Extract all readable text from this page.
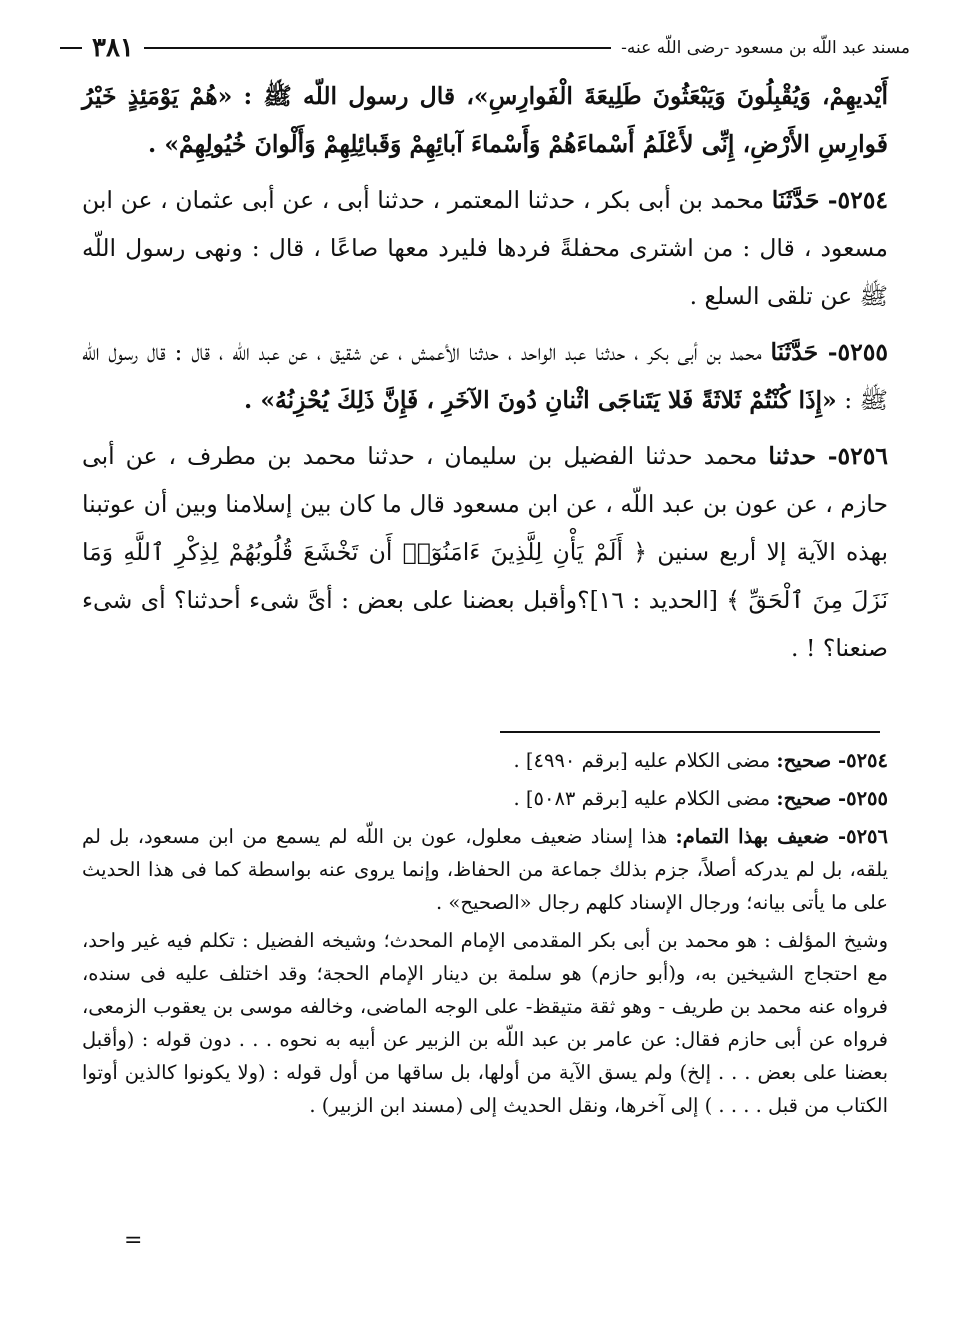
مسند عبد اللّه بن مسعود -رضى اللّه عنه-
٣٨١

أَيْديهِمْ، وَيُقْبِلُونَ وَيَبْعَثُونَ طَلِيعَةَ الْفَوارِسِ»، قال رسول اللّه ﷺ : «هُمْ يَوْمَئِذٍ خَيْرُ فَوارِسِ الأَرْضِ، إِنِّى لأَعْلَمُ أَسْماءَهُمْ وَأَسْماءَ آبائِهِمْ وَقَبائِلِهِمْ وَأَلْوانَ خُيُولِهِمْ» .

٥٢٥٤- حَدَّثَنَا محمد بن أبى بكر ، حدثنا المعتمر ، حدثنا أبى ، عن أبى عثمان ، عن ابن مسعود ، قال : من اشترى محفلةً فردها فليرد معها صاعًا ، قال : ونهى رسول اللّه ﷺ عن تلقى السلع .

٥٢٥٥- حَدَّثَنَا محمد بن أبى بكر ، حدثنا عبد الواحد ، حدثنا الأعمش ، عن شقيق ، عن عبد اللّه ، قال : قال رسول اللّه ﷺ : «إِذَا كُنْتُمْ ثَلاثَةً فَلا يَتَناجَى اثْنانِ دُونَ الآخَرِ ، فَإِنَّ ذَلِكَ يُحْزِنُهُ» .

٥٢٥٦- حدثنا محمد حدثنا الفضيل بن سليمان ، حدثنا محمد بن مطرف ، عن أبى حازم ، عن عون بن عبد اللّه ، عن ابن مسعود قال ما كان بين إسلامنا وبين أن عوتبنا بهذه الآية إلا أربع سنين ﴿ أَلَمْ يَأْنِ لِلَّذِينَ ءَامَنُوٓا۟ أَن تَخْشَعَ قُلُوبُهُمْ لِذِكْرِ ٱللَّهِ وَمَا نَزَلَ مِنَ ٱلْحَقِّ ﴾ [الحديد : ١٦]؟وأقبل بعضنا على بعض : أىَّ شىء أحدثنا؟ أى شىء صنعنا؟ ! .

٥٢٥٤- صحيح: مضى الكلام عليه [برقم ٤٩٩٠] .

٥٢٥٥- صحيح: مضى الكلام عليه [برقم ٥٠٨٣] .

٥٢٥٦- ضعيف بهذا التمام: هذا إسناد ضعيف معلول، عون بن اللّه لم يسمع من ابن مسعود، بل لم يلقه، بل لم يدركه أصلاً، جزم بذلك جماعة من الحفاظ، وإنما يروى عنه بواسطة كما فى هذا الحديث على ما يأتى بيانه؛ ورجال الإسناد كلهم رجال «الصحيح» .

وشيخ المؤلف : هو محمد بن أبى بكر المقدمى الإمام المحدث؛ وشيخه الفضيل : تكلم فيه غير واحد، مع احتجاج الشيخين به، و(أبو حازم) هو سلمة بن دينار الإمام الحجة؛ وقد اختلف عليه فى سنده، فرواه عنه محمد بن طريف - وهو ثقة متيقظ- على الوجه الماضى، وخالفه موسى بن يعقوب الزمعى، فرواه عن أبى حازم فقال: عن عامر بن عبد اللّه بن الزبير عن أبيه به نحوه . . . دون قوله : (وأقبل بعضنا على بعض . . . إلخ) ولم يسق الآية من أولها، بل ساقها من أول قوله : (ولا يكونوا كالذين أوتوا الكتاب من قبل . . . . ) إلى آخرها، ونقل الحديث إلى (مسند ابن الزبير) .

=
